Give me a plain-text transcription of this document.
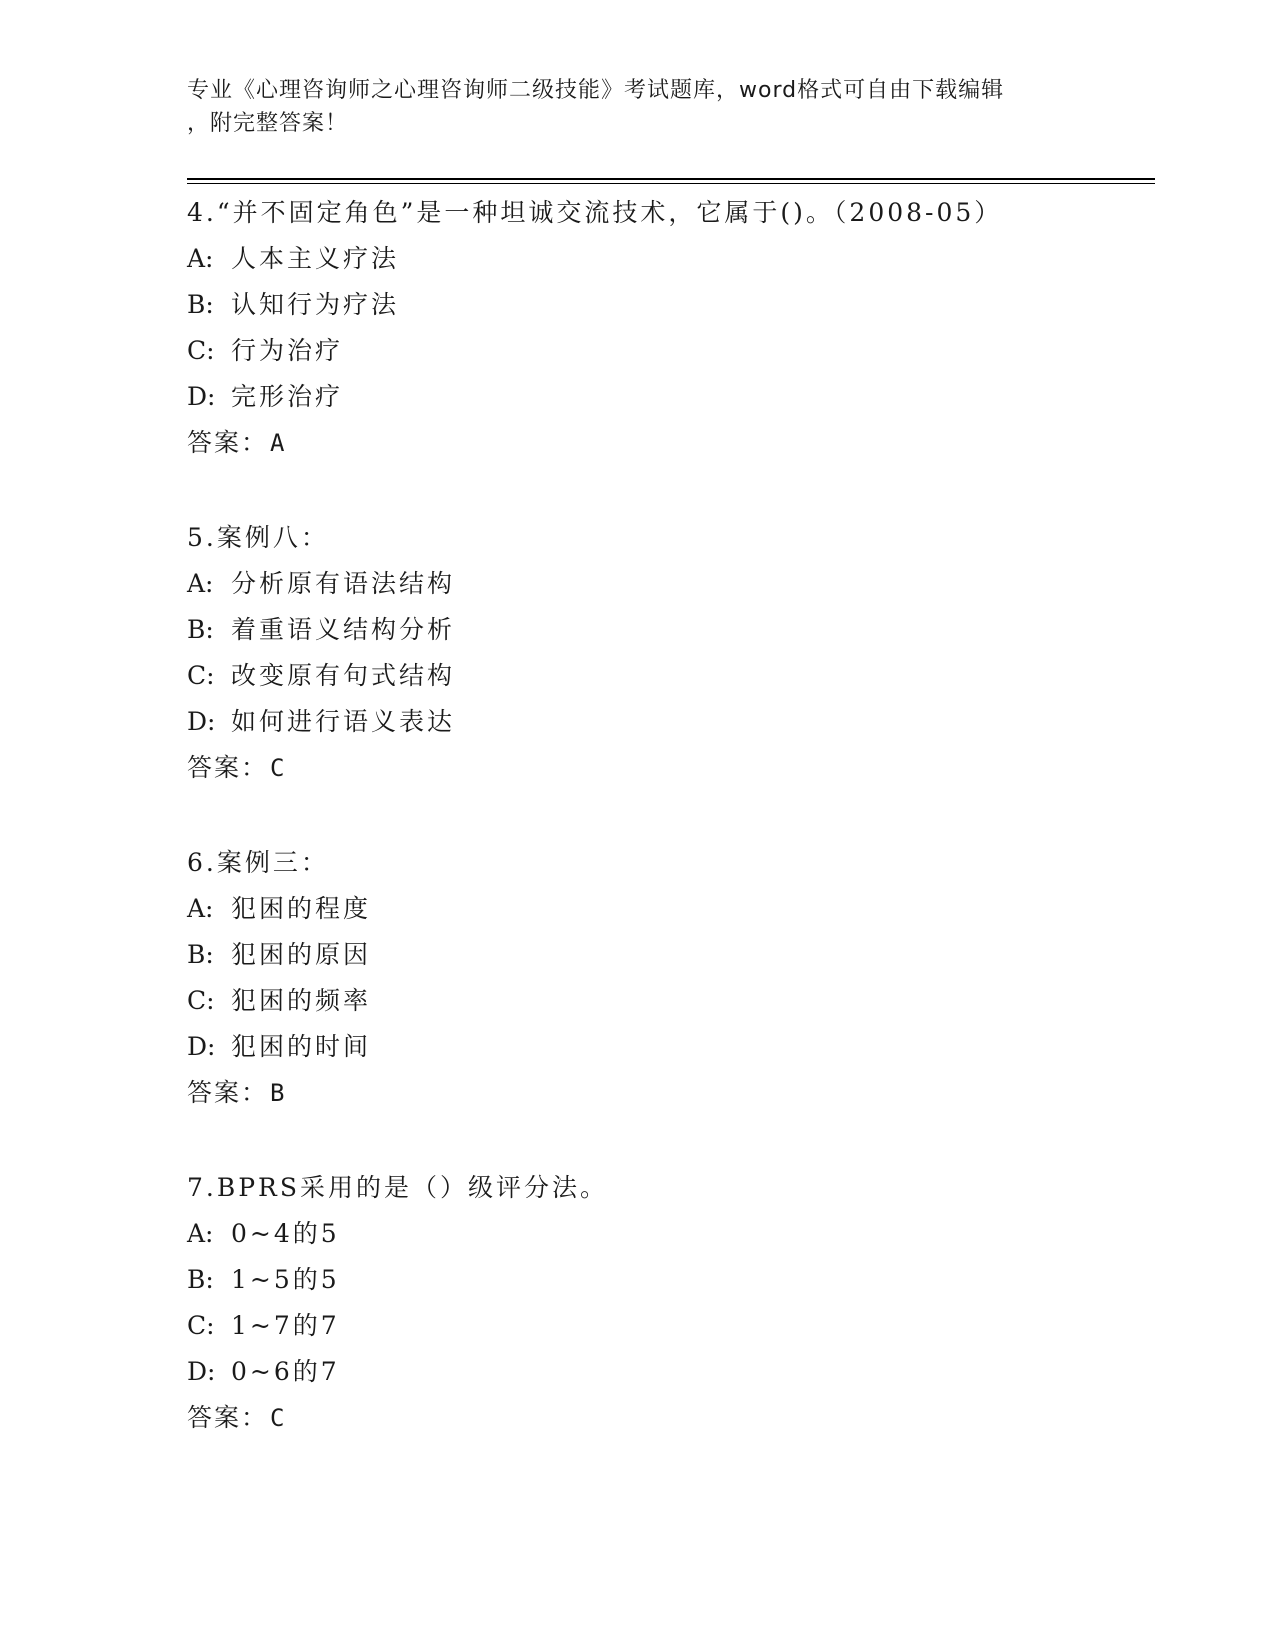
专业《心理咨询师之心理咨询师二级技能》考试题库，word格式可自由下载编辑
，附完整答案！
4.“并不固定角色”是一种坦诚交流技术，它属于()。（2008-05）
A: 人本主义疗法
B: 认知行为疗法
C: 行为治疗
D: 完形治疗
答案：A
5.案例八：
A: 分析原有语法结构
B: 着重语义结构分析
C: 改变原有句式结构
D: 如何进行语义表达
答案：C
6.案例三：
A: 犯困的程度
B: 犯困的原因
C: 犯困的频率
D: 犯困的时间
答案：B
7.BPRS采用的是（）级评分法。
A: 0~4的5
B: 1~5的5
C: 1~7的7
D: 0~6的7
答案：C
